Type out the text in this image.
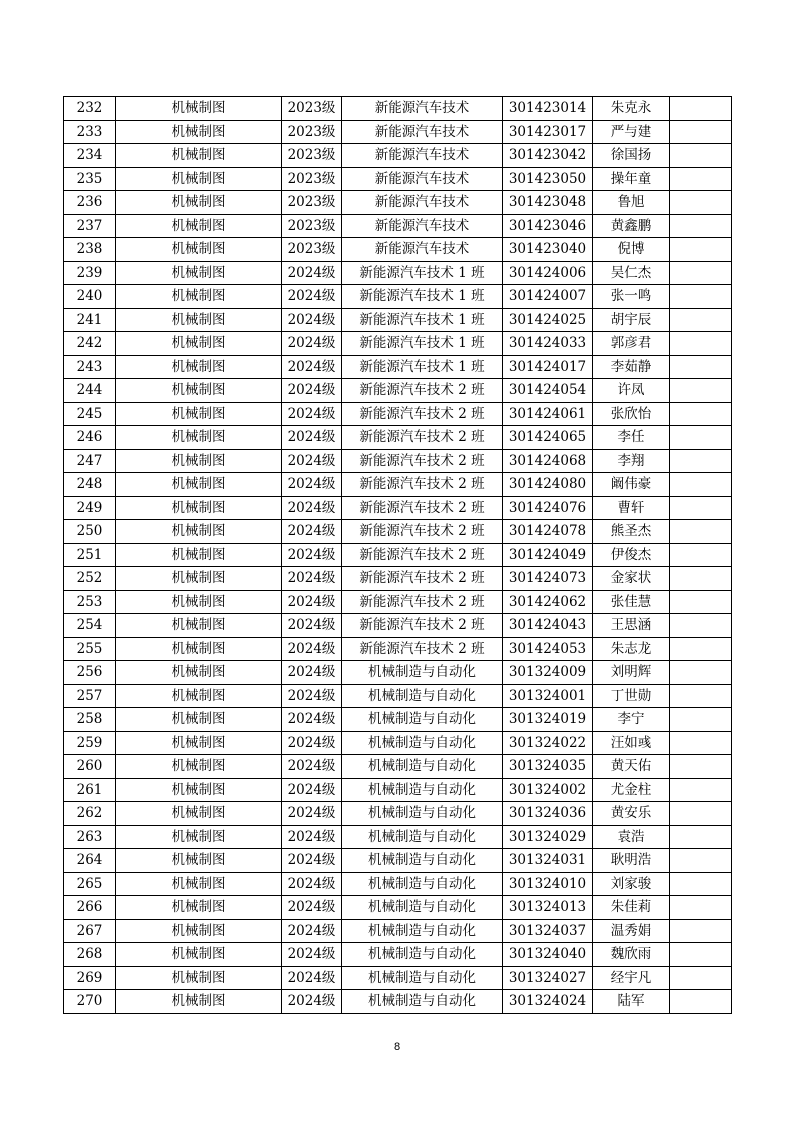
232	机械制图	2023级	新能源汽车技术	301423014	朱克永	
233	机械制图	2023级	新能源汽车技术	301423017	严与建	
234	机械制图	2023级	新能源汽车技术	301423042	徐国扬	
235	机械制图	2023级	新能源汽车技术	301423050	操年童	
236	机械制图	2023级	新能源汽车技术	301423048	鲁旭	
237	机械制图	2023级	新能源汽车技术	301423046	黄鑫鹏	
238	机械制图	2023级	新能源汽车技术	301423040	倪博	
239	机械制图	2024级	新能源汽车技术 1 班	301424006	吴仁杰	
240	机械制图	2024级	新能源汽车技术 1 班	301424007	张一鸣	
241	机械制图	2024级	新能源汽车技术 1 班	301424025	胡宇辰	
242	机械制图	2024级	新能源汽车技术 1 班	301424033	郭彦君	
243	机械制图	2024级	新能源汽车技术 1 班	301424017	李茹静	
244	机械制图	2024级	新能源汽车技术 2 班	301424054	许凤	
245	机械制图	2024级	新能源汽车技术 2 班	301424061	张欣怡	
246	机械制图	2024级	新能源汽车技术 2 班	301424065	李任	
247	机械制图	2024级	新能源汽车技术 2 班	301424068	李翔	
248	机械制图	2024级	新能源汽车技术 2 班	301424080	阚伟豪	
249	机械制图	2024级	新能源汽车技术 2 班	301424076	曹轩	
250	机械制图	2024级	新能源汽车技术 2 班	301424078	熊圣杰	
251	机械制图	2024级	新能源汽车技术 2 班	301424049	伊俊杰	
252	机械制图	2024级	新能源汽车技术 2 班	301424073	金家状	
253	机械制图	2024级	新能源汽车技术 2 班	301424062	张佳慧	
254	机械制图	2024级	新能源汽车技术 2 班	301424043	王思涵	
255	机械制图	2024级	新能源汽车技术 2 班	301424053	朱志龙	
256	机械制图	2024级	机械制造与自动化	301324009	刘明辉	
257	机械制图	2024级	机械制造与自动化	301324001	丁世勋	
258	机械制图	2024级	机械制造与自动化	301324019	李宁	
259	机械制图	2024级	机械制造与自动化	301324022	汪如彧	
260	机械制图	2024级	机械制造与自动化	301324035	黄天佑	
261	机械制图	2024级	机械制造与自动化	301324002	尤金柱	
262	机械制图	2024级	机械制造与自动化	301324036	黄安乐	
263	机械制图	2024级	机械制造与自动化	301324029	袁浩	
264	机械制图	2024级	机械制造与自动化	301324031	耿明浩	
265	机械制图	2024级	机械制造与自动化	301324010	刘家骏	
266	机械制图	2024级	机械制造与自动化	301324013	朱佳莉	
267	机械制图	2024级	机械制造与自动化	301324037	温秀娟	
268	机械制图	2024级	机械制造与自动化	301324040	魏欣雨	
269	机械制图	2024级	机械制造与自动化	301324027	经宇凡	
270	机械制图	2024级	机械制造与自动化	301324024	陆军	
8
